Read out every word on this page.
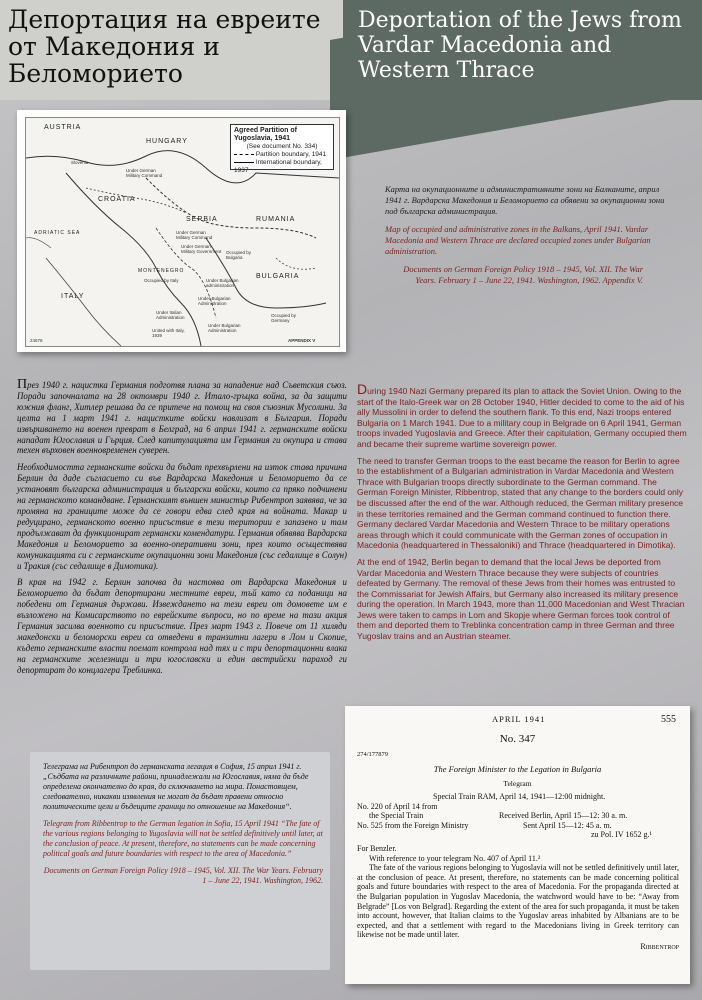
Депортация на евреите от Македония и Беломорието
Deportation of the Jews from Vardar Macedonia and Western Thrace
Agreed Partition of Yugoslavia, 1941
(See document No. 334)
Partition boundary, 1941
International boundary, 1937
AUSTRIA
HUNGARY
RUMANIA
CROATIA
SERBIA
BULGARIA
ITALY
ADRIATIC SEA
MONTENEGRO
Under German Military Command
Under German Military Government	Occupied by Bulgaria
Occupied by Italy	Under Bulgarian administration
Under Bulgarian Administration
Under Bulgarian Administration
Occupied by Germany
Under Italian Administration
United with Italy, 1939
Slovenia
Under German Military Command
24678	APPENDIX V

Карта на окупационните и административните зони на Балканите, април 1941 г. Вардарска Македония и Беломорието са обявени за окупационни зони под българска администрация.

Map of occupied and administrative zones in the Balkans, April 1941. Vardar Macedonia and Western Thrace are declared occupied zones under Bulgarian administration.

Documents on German Foreign Policy 1918 – 1945, Vol. XII. The War Years. February 1 – June 22, 1941. Washington, 1962. Appendix V.

През 1940 г. нацистка Германия подготвя плана за нападение над Съветския съюз. Поради започналата на 28 октомври 1940 г. Итало-гръцка война, за да защити южния фланг, Хитлер решава да се притече на помощ на своя съюзник Мусолини. За целта на 1 март 1941 г. нацистките войски навлизат в България. Поради извършването на военен преврат в Белград, на 6 април 1941 г. германските войски нападат Югославия и Гърция. След капитулацията им Германия ги окупира и става техен върховен военновременен суверен.

Необходимостта германските войски да бъдат прехвърлени на изток става причина Берлин да даде съгласието си във Вардарска Македония и Беломорието да се установят българска администрация и български войски, които са пряко подчинени на германското командване. Германският външен министър Рибентроп заявява, че за промяна на границите може да се говори едва след края на войната. Макар и редуцирано, германското военно присъствие в тези територии е запазено и там продължават да функционират германски комендатури. Германия обявява Вардарска Македония и Беломорието за военно-оперативни зони, през които осъществява комуникацията си с германските окупационни зони Македония (със седалище в Солун) и Тракия (със седалище в Димотика).

В края на 1942 г. Берлин започва да настоява от Вардарска Македония и Беломорието да бъдат депортирани местните евреи, тъй като са поданици на победени от Германия държави. Извеждането на тези евреи от домовете им е възложено на Комисарството по еврейските въпроси, но по време на тази акция Германия засилва военното си присъствие. През март 1943 г. Повече от 11 хиляди македонски и беломорски евреи са отведени в транзитни лагери в Лом и Скопие, където германските власти поемат контрола над тях и с три депортационни влака на германските железници и три югославски и един австрийски параход ги депортират до концлагера Треблинка.

During 1940 Nazi Germany prepared its plan to attack the Soviet Union. Owing to the start of the Italo-Greek war on 28 October 1940, Hitler decided to come to the aid of his ally Mussolini in order to defend the southern flank. To this end, Nazi troops entered Bulgaria on 1 March 1941. Due to a military coup in Belgrade on 6 April 1941, German troops invaded Yugoslavia and Greece. After their capitulation, Germany occupied them and became their supreme wartime sovereign power.

The need to transfer German troops to the east became the reason for Berlin to agree to the establishment of a Bulgarian administration in Vardar Macedonia and Western Thrace with Bulgarian troops directly subordinate to the German command. The German Foreign Minister, Ribbentrop, stated that any change to the borders could only be discussed after the end of the war. Although reduced, the German military presence in these territories remained and the German command continued to function there. Germany declared Vardar Macedonia and Western Thrace to be military operations areas through which it could communicate with the German zones of occupation in Macedonia (headquartered in Thessaloniki) and Thrace (headquartered in Dimotika).

At the end of 1942, Berlin began to demand that the local Jews be deported from Vardar Macedonia and Western Thrace because they were subjects of countries defeated by Germany. The removal of these Jews from their homes was entrusted to the Commissariat for Jewish Affairs, but Germany also increased its military presence during the operation. In March 1943, more than 11,000 Macedonian and West Thracian Jews were taken to camps in Lom and Skopje where German forces took control of them and deported them to Treblinka concentration camp in three German and three Yugoslav trains and an Austrian steamer.

Телеграма на Рибентроп до германската легация в София, 15 април 1941 г. „Съдбата на различните райони, принадлежали на Югославия, няма да бъде определена окончателно до края, до сключването на мира. Понастоящем, следователно, никакви изявления не могат да бъдат правени относно политическите цели и бъдещите граници по отношение на Македония“.

Telegram from Ribbentrop to the German legation in Sofia, 15 April 1941 “The fate of the various regions belonging to Yugoslavia will not be settled definitively until later, at the conclusion of peace. At present, therefore, no statements can be made concerning political goals and future boundaries with respect to the area of Macedonia.”

Documents on German Foreign Policy 1918 – 1945, Vol. XII. The War Years. February 1 – June 22, 1941. Washington, 1962.

APRIL 1941	555
No. 347
274/177879
The Foreign Minister to the Legation in Bulgaria
Telegram
Special Train RAM, April 14, 1941—12:00 midnight.
No. 220 of April 14 from
the Special Train	Received Berlin, April 15—12: 30 a. m.
No. 525 from the Foreign Ministry	Sent April 15—12: 45 a. m.
zu Pol. IV 1652 g.¹
For Benzler.

With reference to your telegram No. 407 of April 11.²

The fate of the various regions belonging to Yugoslavia will not be settled definitively until later, at the conclusion of peace. At present, therefore, no statements can be made concerning political goals and future boundaries with respect to the area of Macedonia. For the propaganda directed at the Bulgarian population in Yugoslav Macedonia, the watchword would have to be: “Away from Belgrade” [Los von Belgrad]. Regarding the extent of the area for such propaganda, it must be taken into account, however, that Italian claims to the Yugoslav areas inhabited by Albanians are to be expected, and that a settlement with regard to the Macedonians living in Greek territory can likewise not be made until later.

Ribbentrop
